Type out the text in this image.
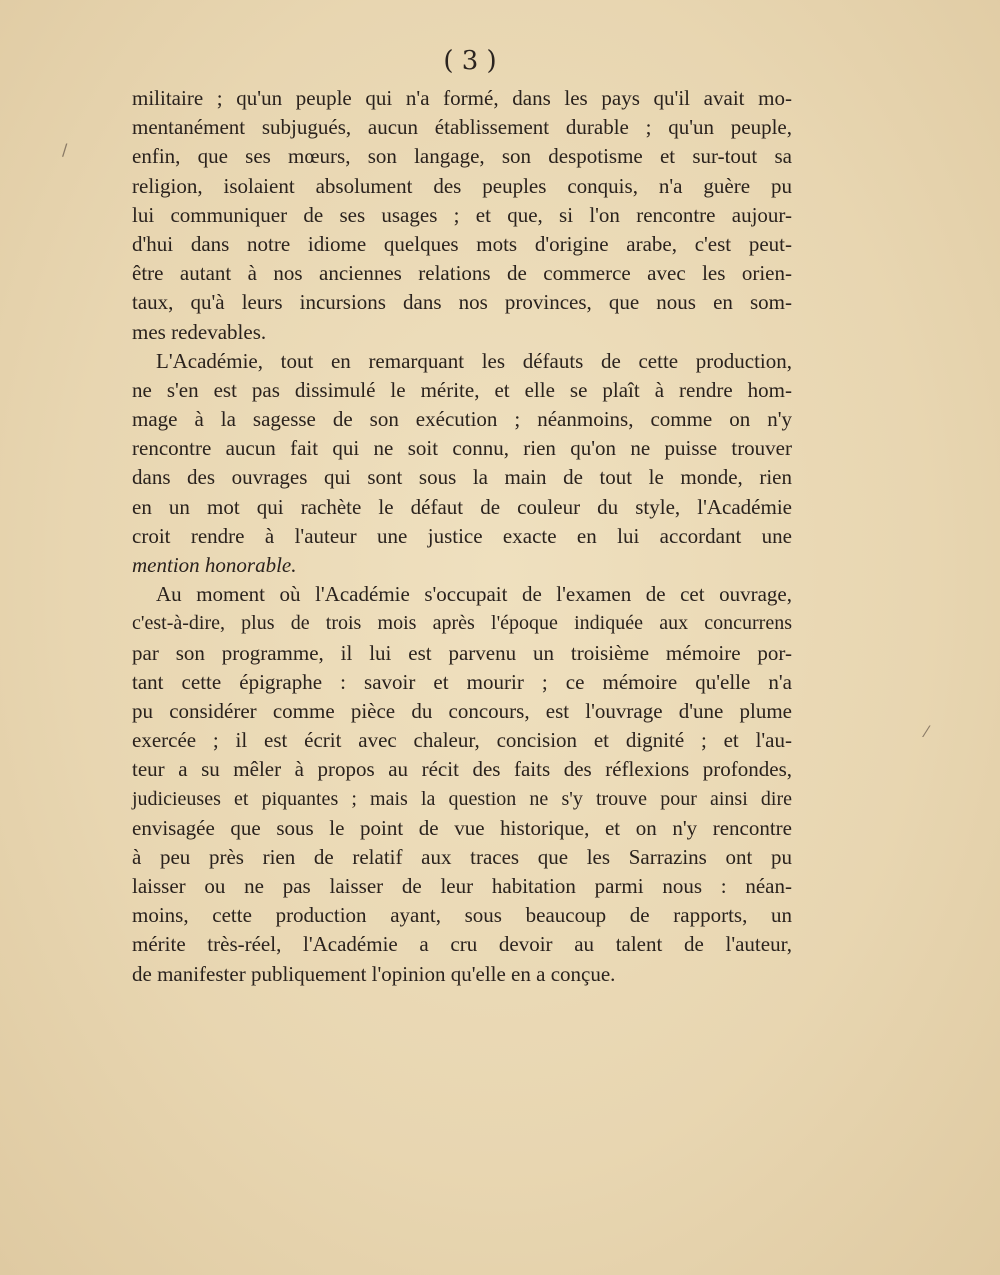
( 3 )
/
⁄
militaire ; qu'un peuple qui n'a formé, dans les pays qu'il avait mo-
mentanément subjugués, aucun établissement durable ; qu'un peuple,
enfin, que ses mœurs, son langage, son despotisme et sur-tout sa
religion, isolaient absolument des peuples conquis, n'a guère pu
lui communiquer de ses usages ; et que, si l'on rencontre aujour-
d'hui dans notre idiome quelques mots d'origine arabe, c'est peut-
être autant à nos anciennes relations de commerce avec les orien-
taux, qu'à leurs incursions dans nos provinces, que nous en som-
mes redevables.
L'Académie, tout en remarquant les défauts de cette production,
ne s'en est pas dissimulé le mérite, et elle se plaît à rendre hom-
mage à la sagesse de son exécution ; néanmoins, comme on n'y
rencontre aucun fait qui ne soit connu, rien qu'on ne puisse trouver
dans des ouvrages qui sont sous la main de tout le monde, rien
en un mot qui rachète le défaut de couleur du style, l'Académie
croit rendre à l'auteur une justice exacte en lui accordant une
mention honorable.
Au moment où l'Académie s'occupait de l'examen de cet ouvrage,
c'est-à-dire, plus de trois mois après l'époque indiquée aux concurrens
par son programme, il lui est parvenu un troisième mémoire por-
tant cette épigraphe : savoir et mourir ; ce mémoire qu'elle n'a
pu considérer comme pièce du concours, est l'ouvrage d'une plume
exercée ; il est écrit avec chaleur, concision et dignité ; et l'au-
teur a su mêler à propos au récit des faits des réflexions profondes,
judicieuses et piquantes ; mais la question ne s'y trouve pour ainsi dire
envisagée que sous le point de vue historique, et on n'y rencontre
à peu près rien de relatif aux traces que les Sarrazins ont pu
laisser ou ne pas laisser de leur habitation parmi nous : néan-
moins, cette production ayant, sous beaucoup de rapports, un
mérite très-réel, l'Académie a cru devoir au talent de l'auteur,
de manifester publiquement l'opinion qu'elle en a conçue.
